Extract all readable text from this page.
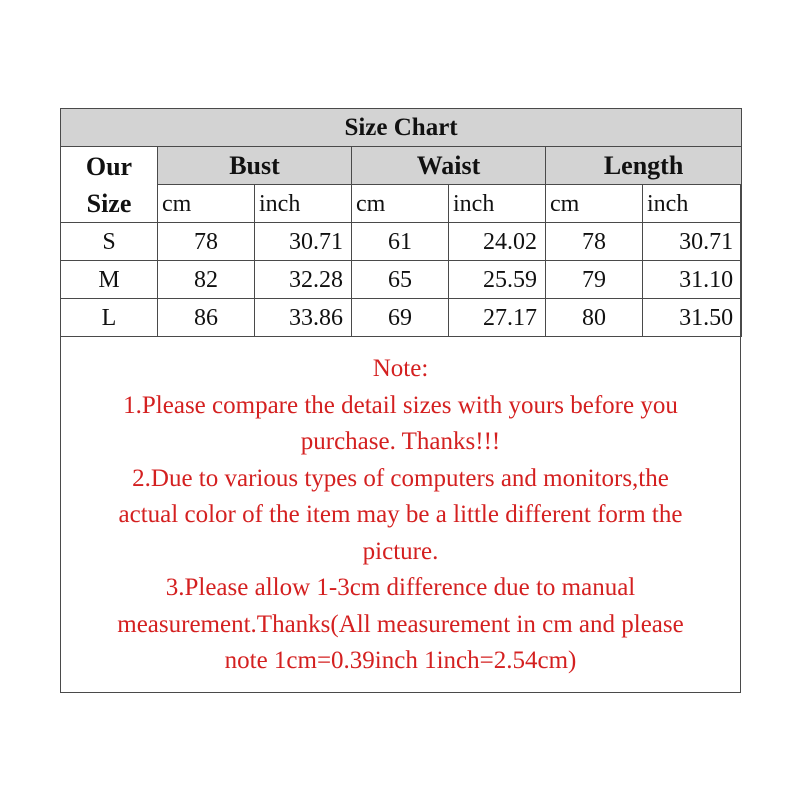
Size Chart						

Our
Size	Bust		Waist		Length	
	cm	inch	cm	inch	cm	inch
S	78	30.71	61	24.02	78	30.71
M	82	32.28	65	25.59	79	31.10
L	86	33.86	69	27.17	80	31.50
Note:
1.Please compare the detail sizes with yours before you
purchase. Thanks!!!
2.Due to various types of computers and monitors,the
actual color of the item may be a little different form the
picture.
3.Please allow 1-3cm difference due to manual
measurement.Thanks(All measurement in cm and please
note 1cm=0.39inch 1inch=2.54cm)
